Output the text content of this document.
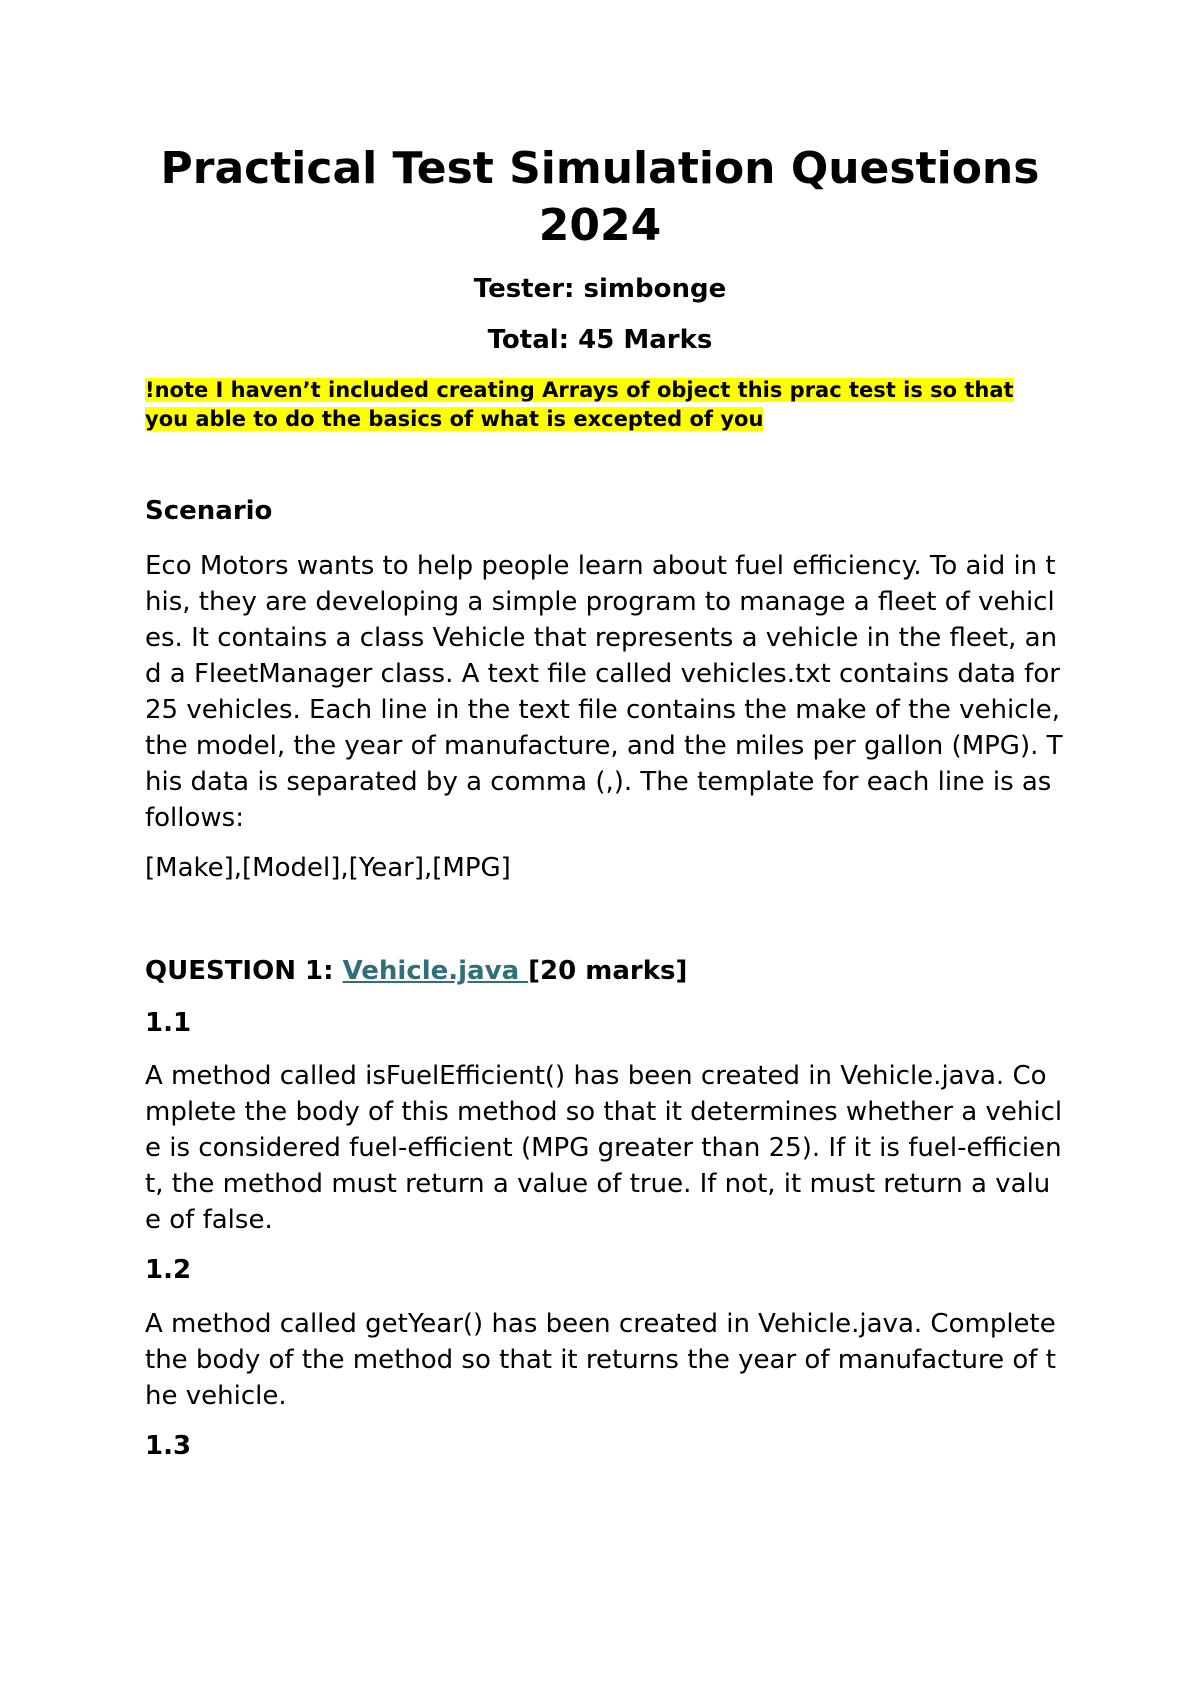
Practical Test Simulation Questions 2024

Tester: simbonge

Total: 45 Marks

!note I haven’t included creating Arrays of object this prac test is so that you able to do the basics of what is excepted of you

Scenario

Eco Motors wants to help people learn about fuel efficiency. To aid in this, they are developing a simple program to manage a fleet of vehicles. It contains a class Vehicle that represents a vehicle in the fleet, and a FleetManager class. A text file called vehicles.txt contains data for 25 vehicles. Each line in the text file contains the make of the vehicle, the model, the year of manufacture, and the miles per gallon (MPG). This data is separated by a comma (,). The template for each line is as follows:

[Make],[Model],[Year],[MPG]

QUESTION 1: Vehicle.java [20 marks]
1.1

A method called isFuelEfficient() has been created in Vehicle.java. Complete the body of this method so that it determines whether a vehicle is considered fuel-efficient (MPG greater than 25). If it is fuel-efficient, the method must return a value of true. If not, it must return a value of false.

1.2

A method called getYear() has been created in Vehicle.java. Complete the body of the method so that it returns the year of manufacture of the vehicle.

1.3
